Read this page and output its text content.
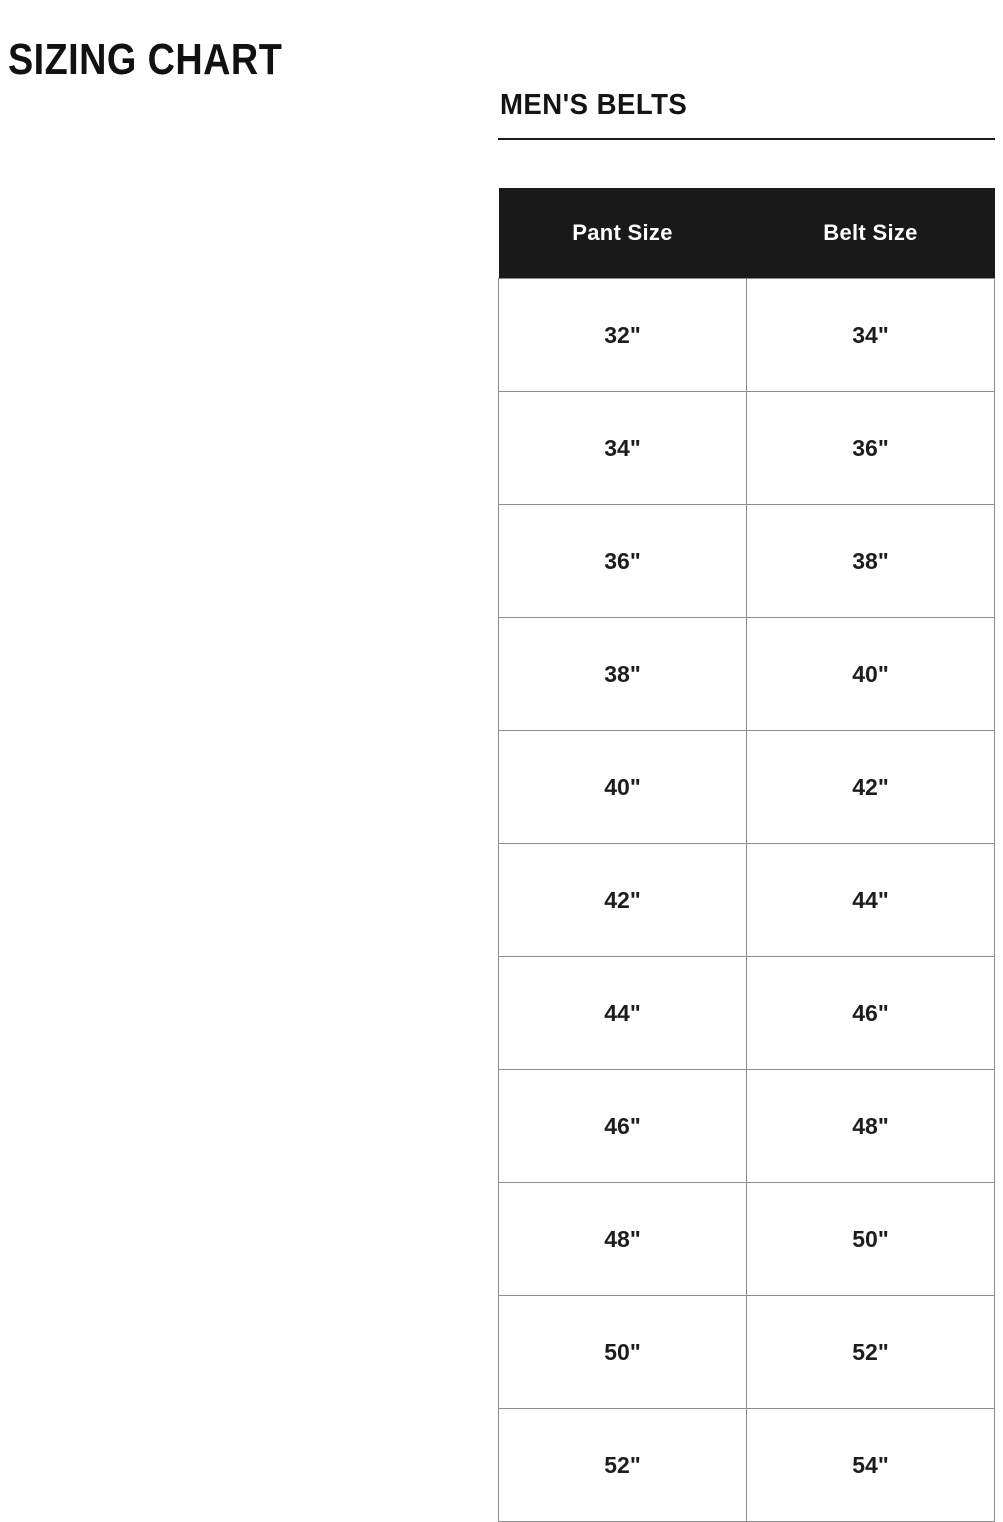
SIZING CHART
MEN'S BELTS
Pant Size	Belt Size
32"	34"
34"	36"
36"	38"
38"	40"
40"	42"
42"	44"
44"	46"
46"	48"
48"	50"
50"	52"
52"	54"
